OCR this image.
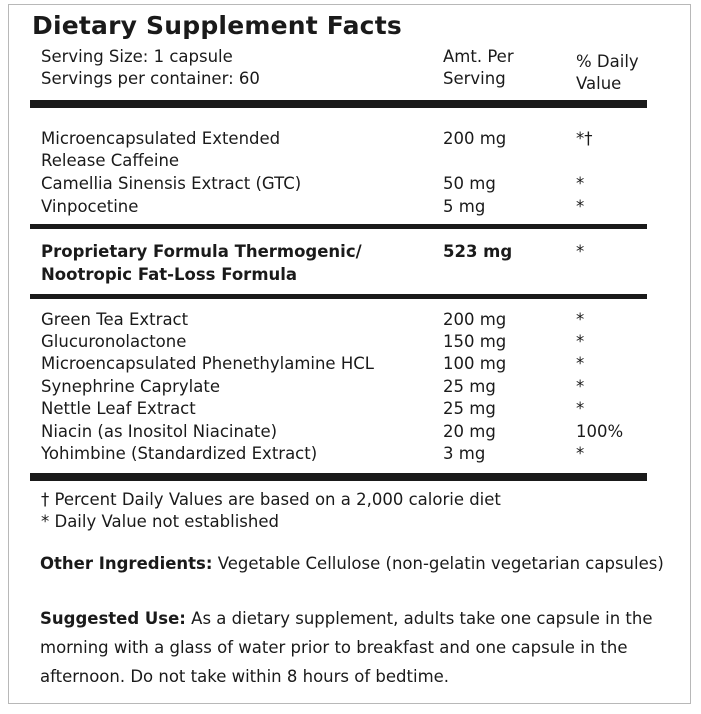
Dietary Supplement Facts
Serving Size: 1 capsule
Servings per container: 60
Amt. Per
Serving
% Daily
Value
Microencapsulated Extended
Release Caffeine
200 mg	*†
Camellia Sinensis Extract (GTC)	50 mg	*
Vinpocetine	5 mg	*
Proprietary Formula Thermogenic/
Nootropic Fat-Loss Formula
523 mg	*
Green Tea Extract	200 mg	*
Glucuronolactone	150 mg	*
Microencapsulated Phenethylamine HCL	100 mg	*
Synephrine Caprylate	25 mg	*
Nettle Leaf Extract	25 mg	*
Niacin (as Inositol Niacinate)	20 mg	100%
Yohimbine (Standardized Extract)	3 mg	*
† Percent Daily Values are based on a 2,000 calorie diet
* Daily Value not established
Other Ingredients: Vegetable Cellulose (non-gelatin vegetarian capsules)
Suggested Use: As a dietary supplement, adults take one capsule in the morning with a glass of water prior to breakfast and one capsule in the afternoon. Do not take within 8 hours of bedtime.
